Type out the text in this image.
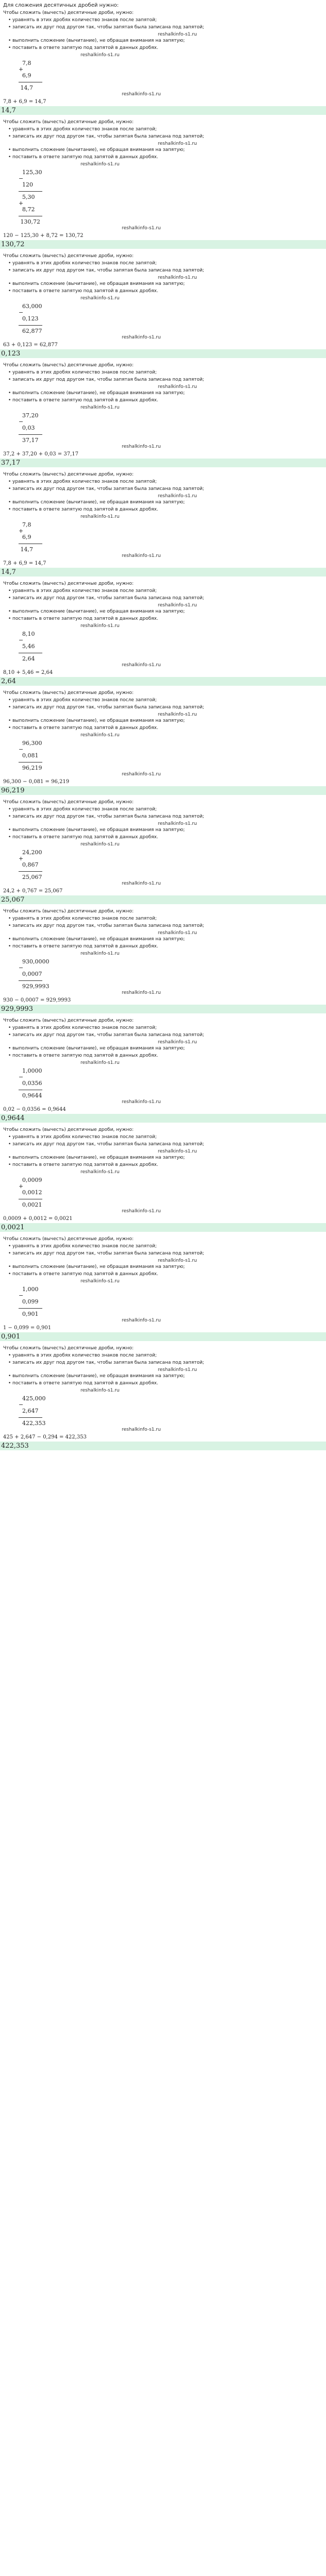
Для сложения десятичных дробей нужно:
Чтобы сложить (вычесть) десятичные дроби, нужно:
• уравнять в этих дробях количество знаков после запятой;
• записать их друг под другом так, чтобы запятая была записана под запятой;
reshalkinfo-s1.ru
• выполнить сложение (вычитание), не обращая внимания на запятую;
• поставить в ответе запятую под запятой в данных дробях.
reshalkinfo-s1.ru
7,8
+
6,9
14,7
reshalkinfo-s1.ru
7,8 + 6,9 = 14,7
14,7
Чтобы сложить (вычесть) десятичные дроби, нужно:
• уравнять в этих дробях количество знаков после запятой;
• записать их друг под другом так, чтобы запятая была записана под запятой;
reshalkinfo-s1.ru
• выполнить сложение (вычитание), не обращая внимания на запятую;
• поставить в ответе запятую под запятой в данных дробях.
reshalkinfo-s1.ru
125,30
−
120
5,30
+
8,72
130,72
reshalkinfo-s1.ru
120 − 125,30 + 8,72 = 130,72
130,72
Чтобы сложить (вычесть) десятичные дроби, нужно:
• уравнять в этих дробях количество знаков после запятой;
• записать их друг под другом так, чтобы запятая была записана под запятой;
reshalkinfo-s1.ru
• выполнить сложение (вычитание), не обращая внимания на запятую;
• поставить в ответе запятую под запятой в данных дробях.
reshalkinfo-s1.ru
63,000
−
0,123
62,877
reshalkinfo-s1.ru
63 + 0,123 = 62,877
0,123
Чтобы сложить (вычесть) десятичные дроби, нужно:
• уравнять в этих дробях количество знаков после запятой;
• записать их друг под другом так, чтобы запятая была записана под запятой;
reshalkinfo-s1.ru
• выполнить сложение (вычитание), не обращая внимания на запятую;
• поставить в ответе запятую под запятой в данных дробях.
reshalkinfo-s1.ru
37,20
−
0,03
37,17
reshalkinfo-s1.ru
37,2 + 37,20 + 0,03 = 37,17
37,17
Чтобы сложить (вычесть) десятичные дроби, нужно:
• уравнять в этих дробях количество знаков после запятой;
• записать их друг под другом так, чтобы запятая была записана под запятой;
reshalkinfo-s1.ru
• выполнить сложение (вычитание), не обращая внимания на запятую;
• поставить в ответе запятую под запятой в данных дробях.
reshalkinfo-s1.ru
7,8
+
6,9
14,7
reshalkinfo-s1.ru
7,8 + 6,9 = 14,7
14,7
Чтобы сложить (вычесть) десятичные дроби, нужно:
• уравнять в этих дробях количество знаков после запятой;
• записать их друг под другом так, чтобы запятая была записана под запятой;
reshalkinfo-s1.ru
• выполнить сложение (вычитание), не обращая внимания на запятую;
• поставить в ответе запятую под запятой в данных дробях.
reshalkinfo-s1.ru
8,10
−
5,46
2,64
reshalkinfo-s1.ru
8,10 + 5,46 = 2,64
2,64
Чтобы сложить (вычесть) десятичные дроби, нужно:
• уравнять в этих дробях количество знаков после запятой;
• записать их друг под другом так, чтобы запятая была записана под запятой;
reshalkinfo-s1.ru
• выполнить сложение (вычитание), не обращая внимания на запятую;
• поставить в ответе запятую под запятой в данных дробях.
reshalkinfo-s1.ru
96,300
−
0,081
96,219
reshalkinfo-s1.ru
96,300 − 0,081 = 96,219
96,219
Чтобы сложить (вычесть) десятичные дроби, нужно:
• уравнять в этих дробях количество знаков после запятой;
• записать их друг под другом так, чтобы запятая была записана под запятой;
reshalkinfo-s1.ru
• выполнить сложение (вычитание), не обращая внимания на запятую;
• поставить в ответе запятую под запятой в данных дробях.
reshalkinfo-s1.ru
24,200
+
0,867
25,067
reshalkinfo-s1.ru
24,2 + 0,767 = 25,067
25,067
Чтобы сложить (вычесть) десятичные дроби, нужно:
• уравнять в этих дробях количество знаков после запятой;
• записать их друг под другом так, чтобы запятая была записана под запятой;
reshalkinfo-s1.ru
• выполнить сложение (вычитание), не обращая внимания на запятую;
• поставить в ответе запятую под запятой в данных дробях.
reshalkinfo-s1.ru
930,0000
−
0,0007
929,9993
reshalkinfo-s1.ru
930 − 0,0007 = 929,9993
929,9993
Чтобы сложить (вычесть) десятичные дроби, нужно:
• уравнять в этих дробях количество знаков после запятой;
• записать их друг под другом так, чтобы запятая была записана под запятой;
reshalkinfo-s1.ru
• выполнить сложение (вычитание), не обращая внимания на запятую;
• поставить в ответе запятую под запятой в данных дробях.
reshalkinfo-s1.ru
1,0000
−
0,0356
0,9644
reshalkinfo-s1.ru
0,02 − 0,0356 = 0,9644
0,9644
Чтобы сложить (вычесть) десятичные дроби, нужно:
• уравнять в этих дробях количество знаков после запятой;
• записать их друг под другом так, чтобы запятая была записана под запятой;
reshalkinfo-s1.ru
• выполнить сложение (вычитание), не обращая внимания на запятую;
• поставить в ответе запятую под запятой в данных дробях.
reshalkinfo-s1.ru
0,0009
+
0,0012
0,0021
reshalkinfo-s1.ru
0,0009 + 0,0012 = 0,0021
0,0021
Чтобы сложить (вычесть) десятичные дроби, нужно:
• уравнять в этих дробях количество знаков после запятой;
• записать их друг под другом так, чтобы запятая была записана под запятой;
reshalkinfo-s1.ru
• выполнить сложение (вычитание), не обращая внимания на запятую;
• поставить в ответе запятую под запятой в данных дробях.
reshalkinfo-s1.ru
1,000
−
0,099
0,901
reshalkinfo-s1.ru
1 − 0,099 = 0,901
0,901
Чтобы сложить (вычесть) десятичные дроби, нужно:
• уравнять в этих дробях количество знаков после запятой;
• записать их друг под другом так, чтобы запятая была записана под запятой;
reshalkinfo-s1.ru
• выполнить сложение (вычитание), не обращая внимания на запятую;
• поставить в ответе запятую под запятой в данных дробях.
reshalkinfo-s1.ru
425,000
−
2,647
422,353
reshalkinfo-s1.ru
425 + 2,647 − 0,294 = 422,353
422,353
